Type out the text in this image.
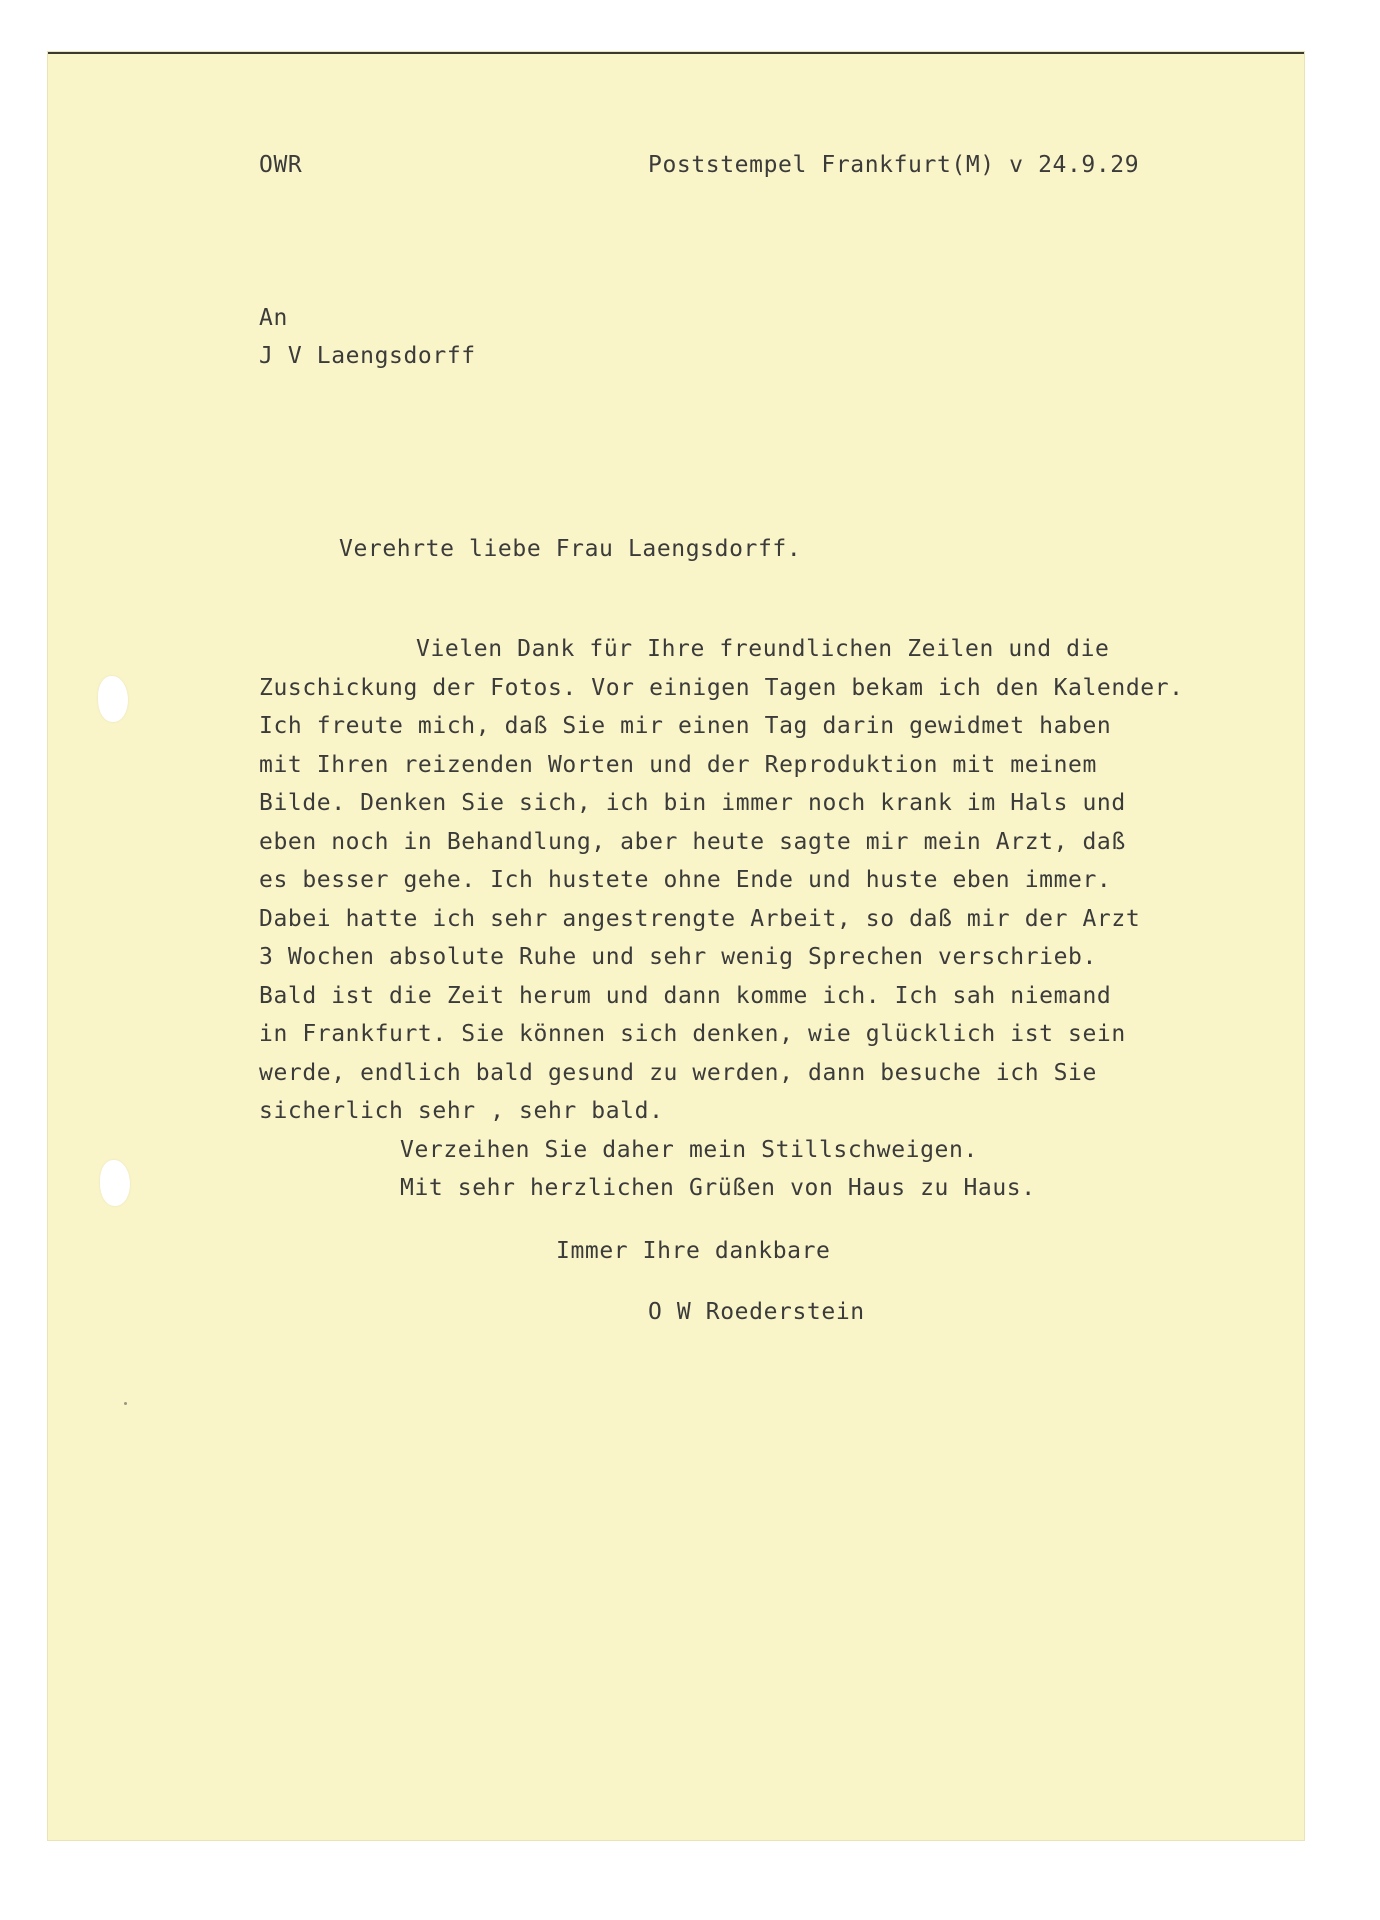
OWR	Poststempel Frankfurt(M) v 24.9.29
An
J V Laengsdorff
Verehrte liebe Frau Laengsdorff.
Vielen Dank für Ihre freundlichen Zeilen und die
Zuschickung der Fotos. Vor einigen Tagen bekam ich den Kalender.
Ich freute mich, daß Sie mir einen Tag darin gewidmet haben
mit Ihren reizenden Worten und der Reproduktion mit meinem
Bilde. Denken Sie sich, ich bin immer noch krank im Hals und
eben noch in Behandlung, aber heute sagte mir mein Arzt, daß
es besser gehe. Ich hustete ohne Ende und huste eben immer.
Dabei hatte ich sehr angestrengte Arbeit, so daß mir der Arzt
3 Wochen absolute Ruhe und sehr wenig Sprechen verschrieb.
Bald ist die Zeit herum und dann komme ich. Ich sah niemand
in Frankfurt. Sie können sich denken, wie glücklich ist sein
werde, endlich bald gesund zu werden, dann besuche ich Sie
sicherlich sehr , sehr bald.
Verzeihen Sie daher mein Stillschweigen.
Mit sehr herzlichen Grüßen von Haus zu Haus.
Immer Ihre dankbare
O W Roederstein
